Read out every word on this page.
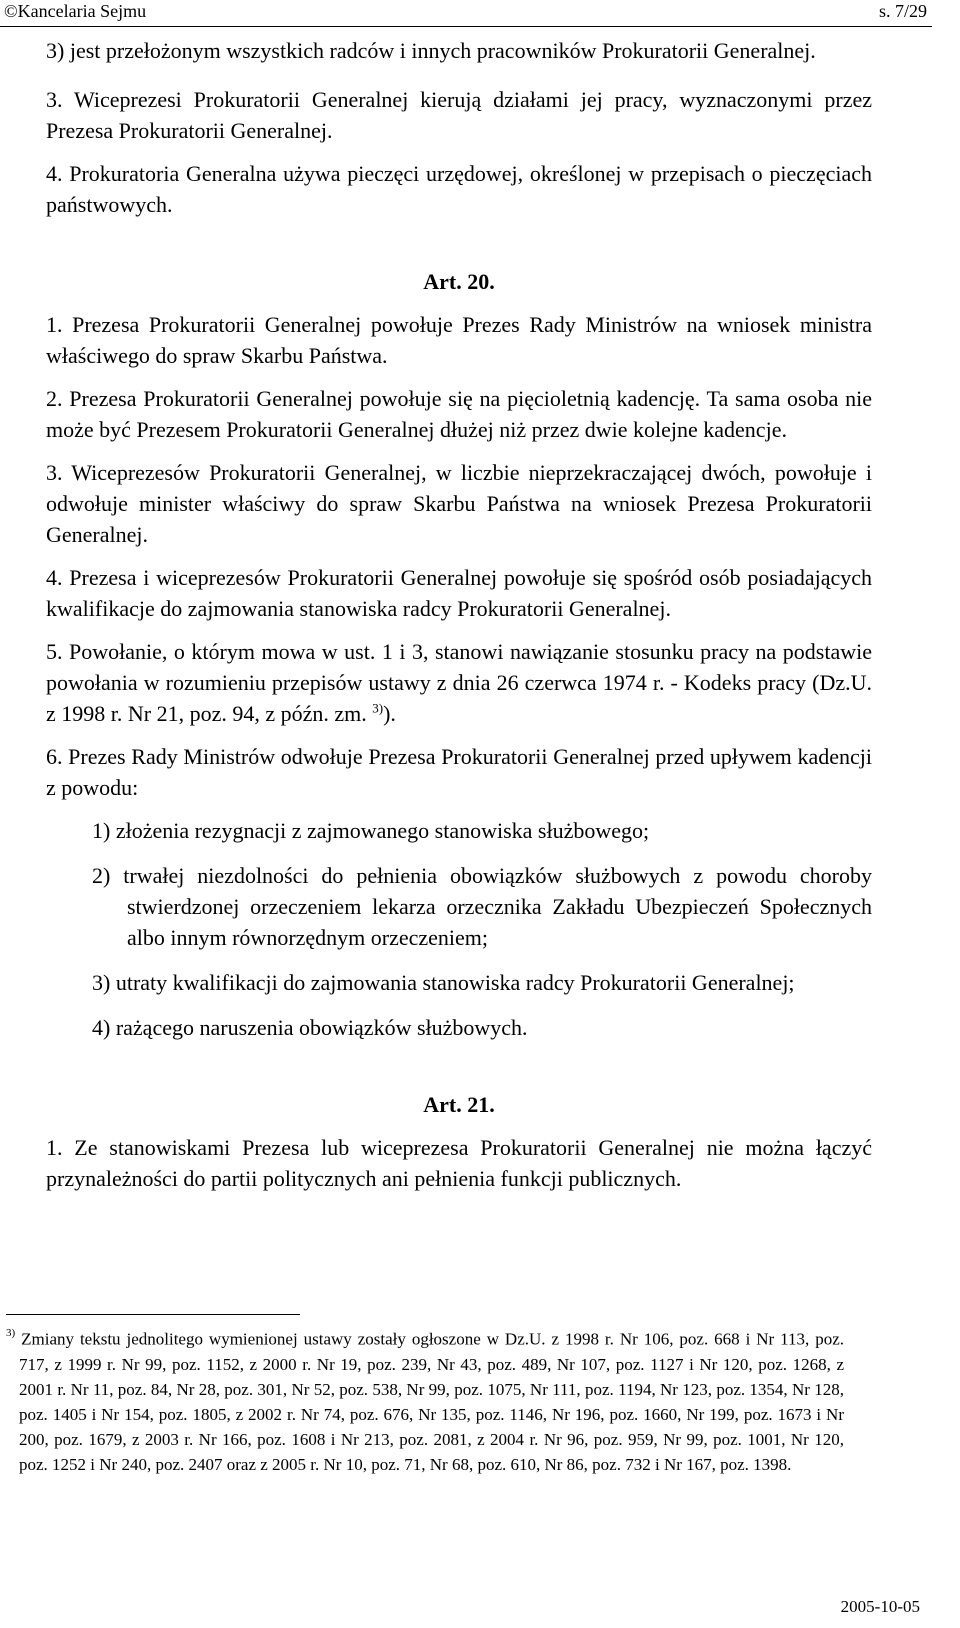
©Kancelaria Sejmu	s. 7/29

3) jest przełożonym wszystkich radców i innych pracowników Prokuratorii Generalnej.

3. Wiceprezesi Prokuratorii Generalnej kierują działami jej pracy, wyznaczonymi przez Prezesa Prokuratorii Generalnej.

4. Prokuratoria Generalna używa pieczęci urzędowej, określonej w przepisach o pieczęciach państwowych.

Art. 20.

1. Prezesa Prokuratorii Generalnej powołuje Prezes Rady Ministrów na wniosek ministra właściwego do spraw Skarbu Państwa.

2. Prezesa Prokuratorii Generalnej powołuje się na pięcioletnią kadencję. Ta sama osoba nie może być Prezesem Prokuratorii Generalnej dłużej niż przez dwie kolejne kadencje.

3. Wiceprezesów Prokuratorii Generalnej, w liczbie nieprzekraczającej dwóch, powołuje i odwołuje minister właściwy do spraw Skarbu Państwa na wniosek Prezesa Prokuratorii Generalnej.

4. Prezesa i wiceprezesów Prokuratorii Generalnej powołuje się spośród osób posiadających kwalifikacje do zajmowania stanowiska radcy Prokuratorii Generalnej.

5. Powołanie, o którym mowa w ust. 1 i 3, stanowi nawiązanie stosunku pracy na podstawie powołania w rozumieniu przepisów ustawy z dnia 26 czerwca 1974 r. - Kodeks pracy (Dz.U. z 1998 r. Nr 21, poz. 94, z późn. zm. $^{3)}$).

6. Prezes Rady Ministrów odwołuje Prezesa Prokuratorii Generalnej przed upływem kadencji z powodu:

1) złożenia rezygnacji z zajmowanego stanowiska służbowego;

2) trwałej niezdolności do pełnienia obowiązków służbowych z powodu choroby stwierdzonej orzeczeniem lekarza orzecznika Zakładu Ubezpieczeń Społecznych albo innym równorzędnym orzeczeniem;

3) utraty kwalifikacji do zajmowania stanowiska radcy Prokuratorii Generalnej;

4) rażącego naruszenia obowiązków służbowych.

Art. 21.

1. Ze stanowiskami Prezesa lub wiceprezesa Prokuratorii Generalnej nie można łączyć przynależności do partii politycznych ani pełnienia funkcji publicznych.

$^{3)}$ Zmiany tekstu jednolitego wymienionej ustawy zostały ogłoszone w Dz.U. z 1998 r. Nr 106, poz. 668 i Nr 113, poz. 717, z 1999 r. Nr 99, poz. 1152, z 2000 r. Nr 19, poz. 239, Nr 43, poz. 489, Nr 107, poz. 1127 i Nr 120, poz. 1268, z 2001 r. Nr 11, poz. 84, Nr 28, poz. 301, Nr 52, poz. 538, Nr 99, poz. 1075, Nr 111, poz. 1194, Nr 123, poz. 1354, Nr 128, poz. 1405 i Nr 154, poz. 1805, z 2002 r. Nr 74, poz. 676, Nr 135, poz. 1146, Nr 196, poz. 1660, Nr 199, poz. 1673 i Nr 200, poz. 1679, z 2003 r. Nr 166, poz. 1608 i Nr 213, poz. 2081, z 2004 r. Nr 96, poz. 959, Nr 99, poz. 1001, Nr 120, poz. 1252 i Nr 240, poz. 2407 oraz z 2005 r. Nr 10, poz. 71, Nr 68, poz. 610, Nr 86, poz. 732 i Nr 167, poz. 1398.
2005-10-05
